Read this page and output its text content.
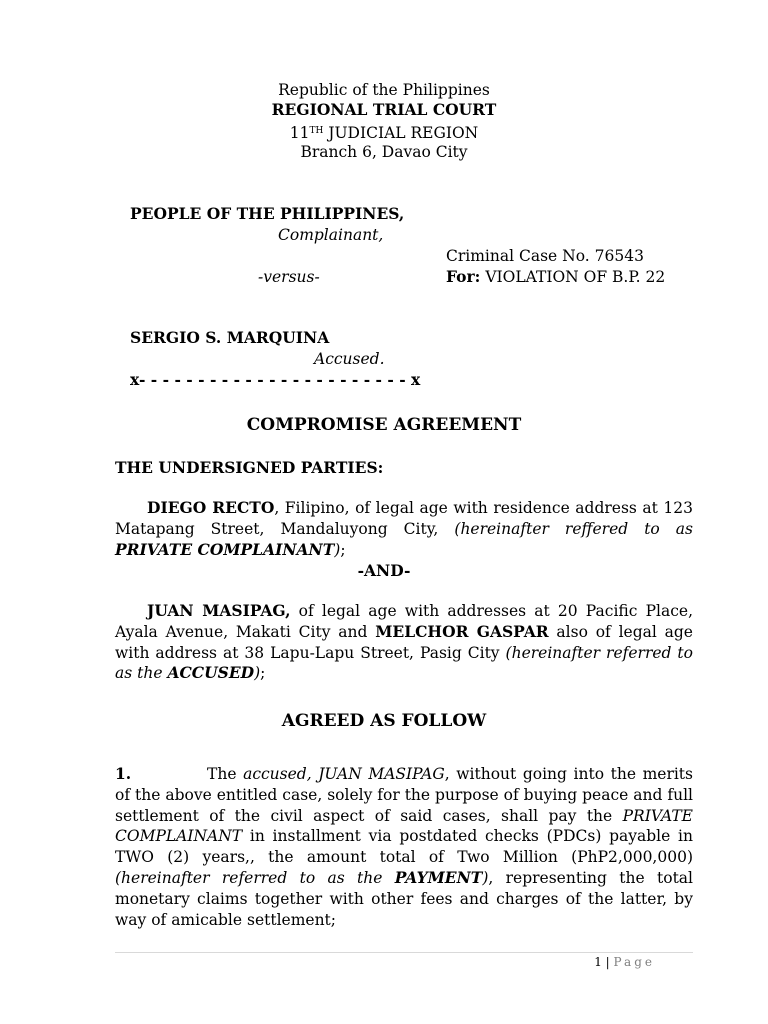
Republic of the Philippines
REGIONAL TRIAL COURT
11TH JUDICIAL REGION
Branch 6, Davao City
PEOPLE OF THE PHILIPPINES,
Complainant,
Criminal Case No. 76543
-versus-	For: VIOLATION OF B.P. 22
SERGIO S. MARQUINA
Accused.
x- - - - - - - - - - - - - - - - - - - - - - - x
COMPROMISE AGREEMENT
THE UNDERSIGNED PARTIES:
DIEGO RECTO, Filipino, of legal age with residence address at 123 Matapang Street, Mandaluyong City, (hereinafter reffered to as PRIVATE COMPLAINANT);
-AND-
JUAN MASIPAG, of legal age with addresses at 20 Pacific Place, Ayala Avenue, Makati City and MELCHOR GASPAR also of legal age with address at 38 Lapu-Lapu Street, Pasig City (hereinafter referred to as the ACCUSED);
AGREED AS FOLLOW
1.	The accused, JUAN MASIPAG, without going into the merits of the above entitled case, solely for the purpose of buying peace and full settlement of the civil aspect of said cases, shall pay the PRIVATE COMPLAINANT in installment via postdated checks (PDCs) payable in TWO (2) years,, the amount total of Two Million (PhP2,000,000) (hereinafter referred to as the PAYMENT), representing the total monetary claims together with other fees and charges of the latter, by way of amicable settlement;
1 | Page
